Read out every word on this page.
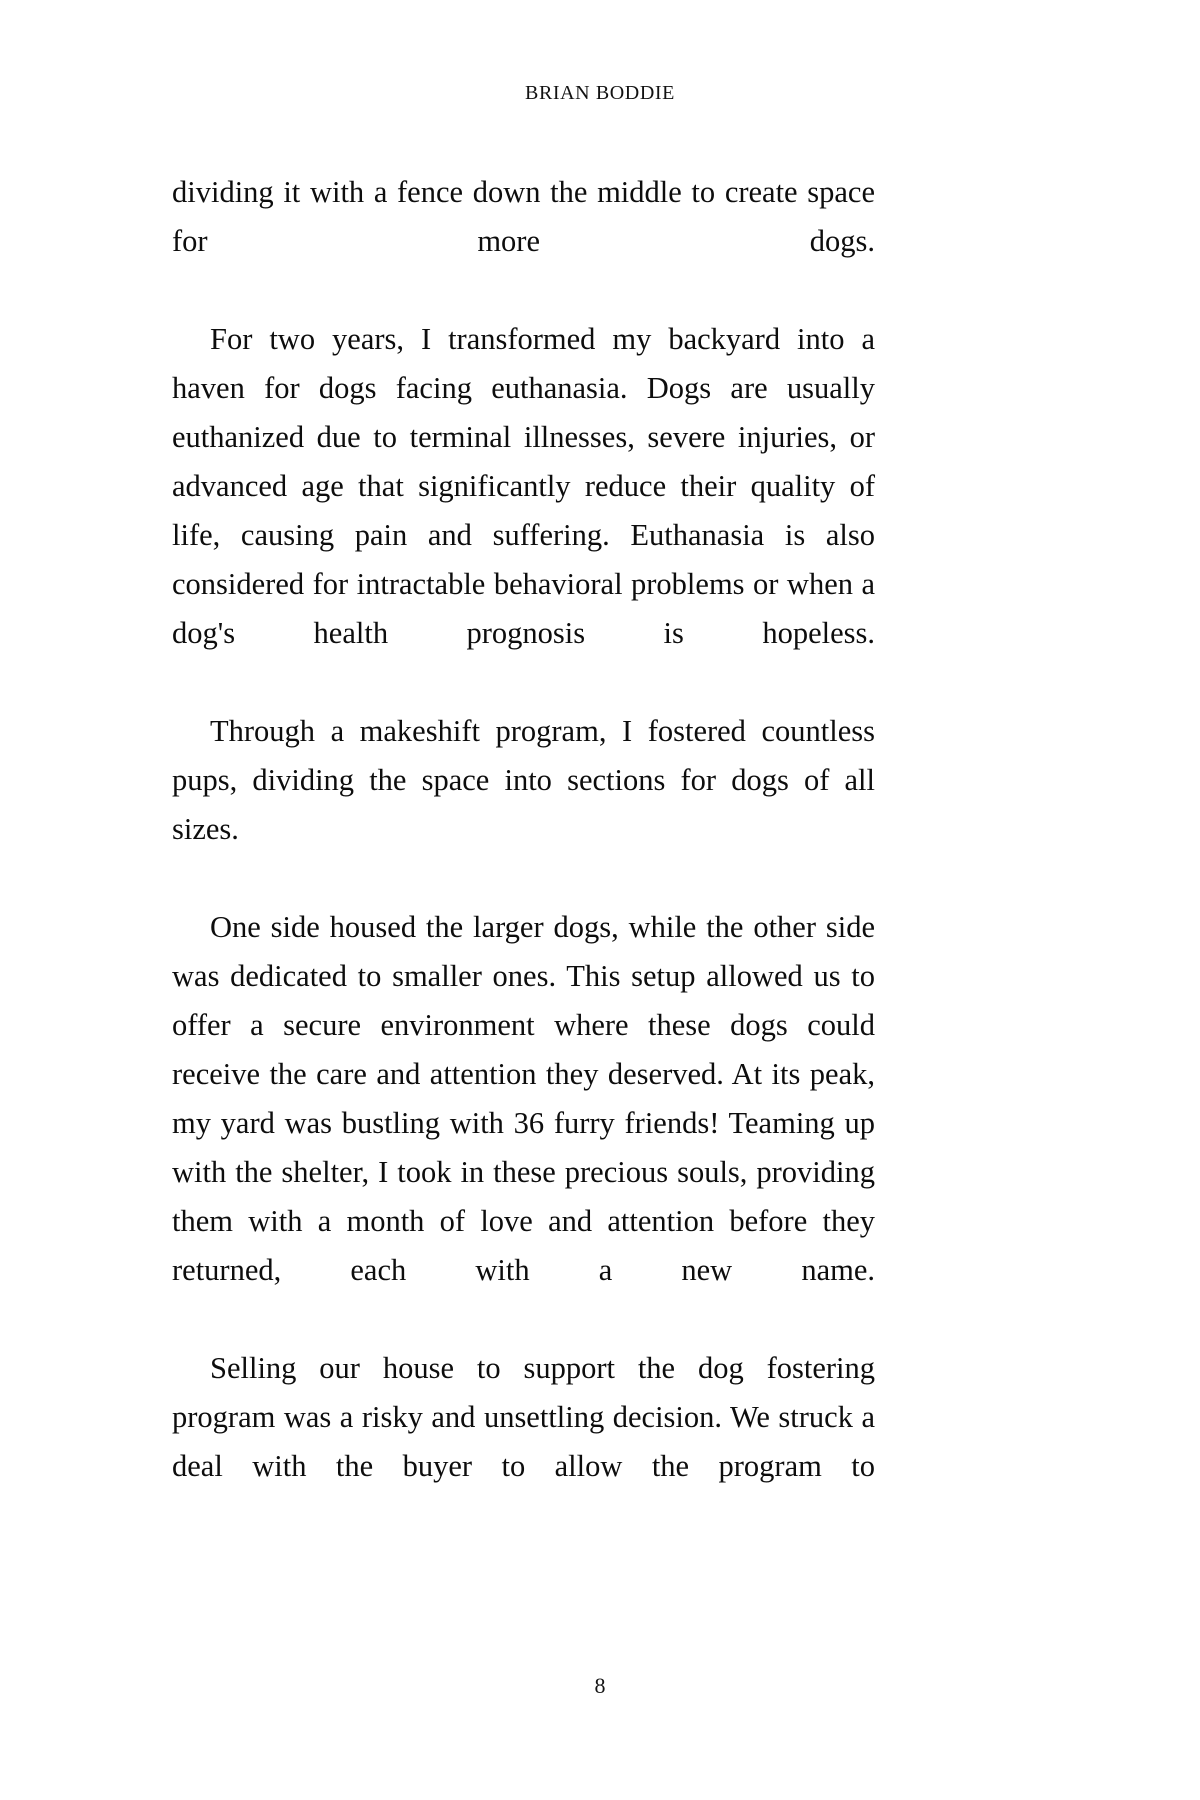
BRIAN BODDIE

dividing it with a fence down the middle to create space for more dogs.

For two years, I transformed my backyard into a haven for dogs facing euthanasia. Dogs are usually euthanized due to terminal illnesses, severe injuries, or advanced age that significantly reduce their quality of life, causing pain and suffering. Euthanasia is also considered for intractable behavioral problems or when a dog's health prognosis is hopeless.

Through a makeshift program, I fostered countless pups, dividing the space into sections for dogs of all sizes.

One side housed the larger dogs, while the other side was dedicated to smaller ones. This setup allowed us to offer a secure environment where these dogs could receive the care and attention they deserved. At its peak, my yard was bustling with 36 furry friends! Teaming up with the shelter, I took in these precious souls, providing them with a month of love and attention before they returned, each with a new name.

Selling our house to support the dog fostering program was a risky and unsettling decision. We struck a deal with the buyer to allow the program to

8
